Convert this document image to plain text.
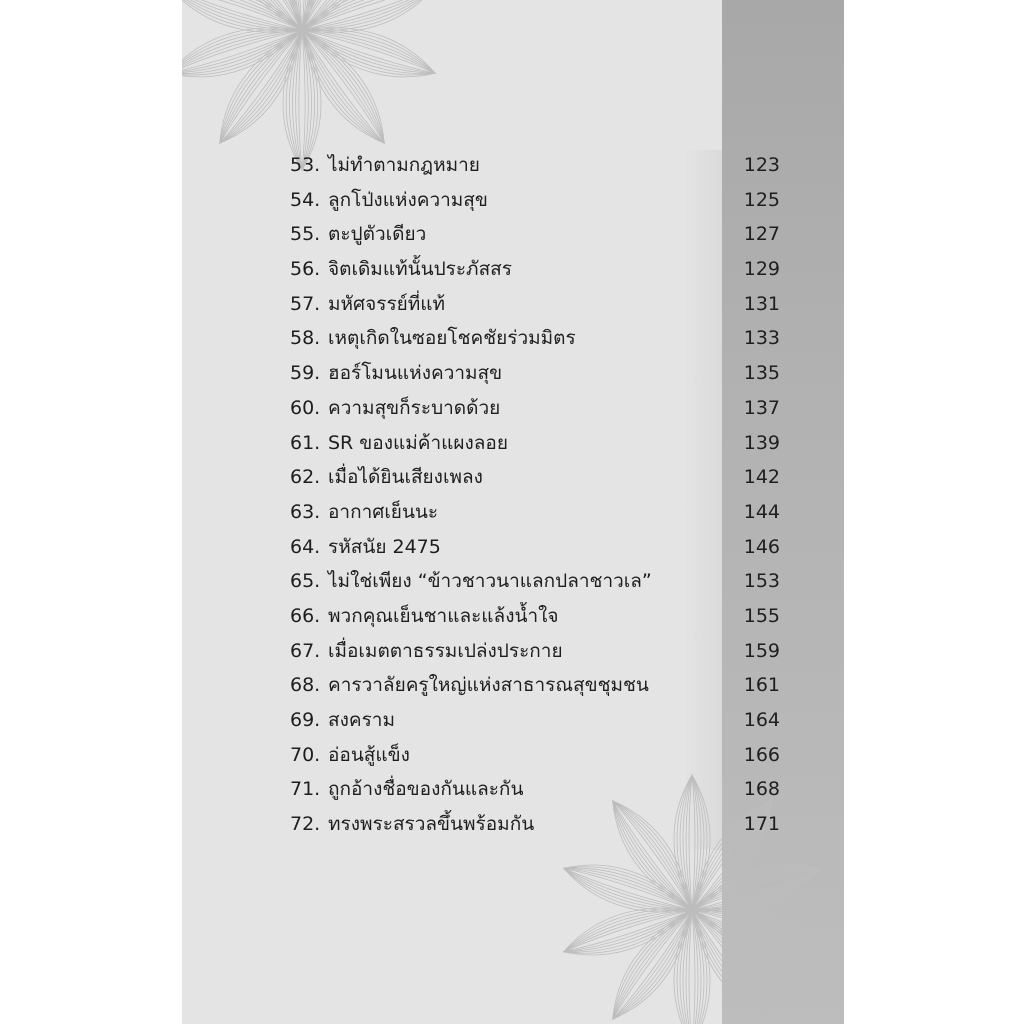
53. ไม่ทำตามกฎหมาย	123
54. ลูกโป่งแห่งความสุข	125
55. ตะปูตัวเดียว	127
56. จิตเดิมแท้นั้นประภัสสร	129
57. มหัศจรรย์ที่แท้	131
58. เหตุเกิดในซอยโชคชัยร่วมมิตร	133
59. ฮอร์โมนแห่งความสุข	135
60. ความสุขก็ระบาดด้วย	137
61. SR ของแม่ค้าแผงลอย	139
62. เมื่อได้ยินเสียงเพลง	142
63. อากาศเย็นนะ	144
64. รหัสนัย 2475	146
65. ไม่ใช่เพียง “ข้าวชาวนาแลกปลาชาวเล”	153
66. พวกคุณเย็นชาและแล้งน้ำใจ	155
67. เมื่อเมตตาธรรมเปล่งประกาย	159
68. คารวาลัยครูใหญ่แห่งสาธารณสุขชุมชน	161
69. สงคราม	164
70. อ่อนสู้แข็ง	166
71. ถูกอ้างชื่อของกันและกัน	168
72. ทรงพระสรวลขึ้นพร้อมกัน	171
